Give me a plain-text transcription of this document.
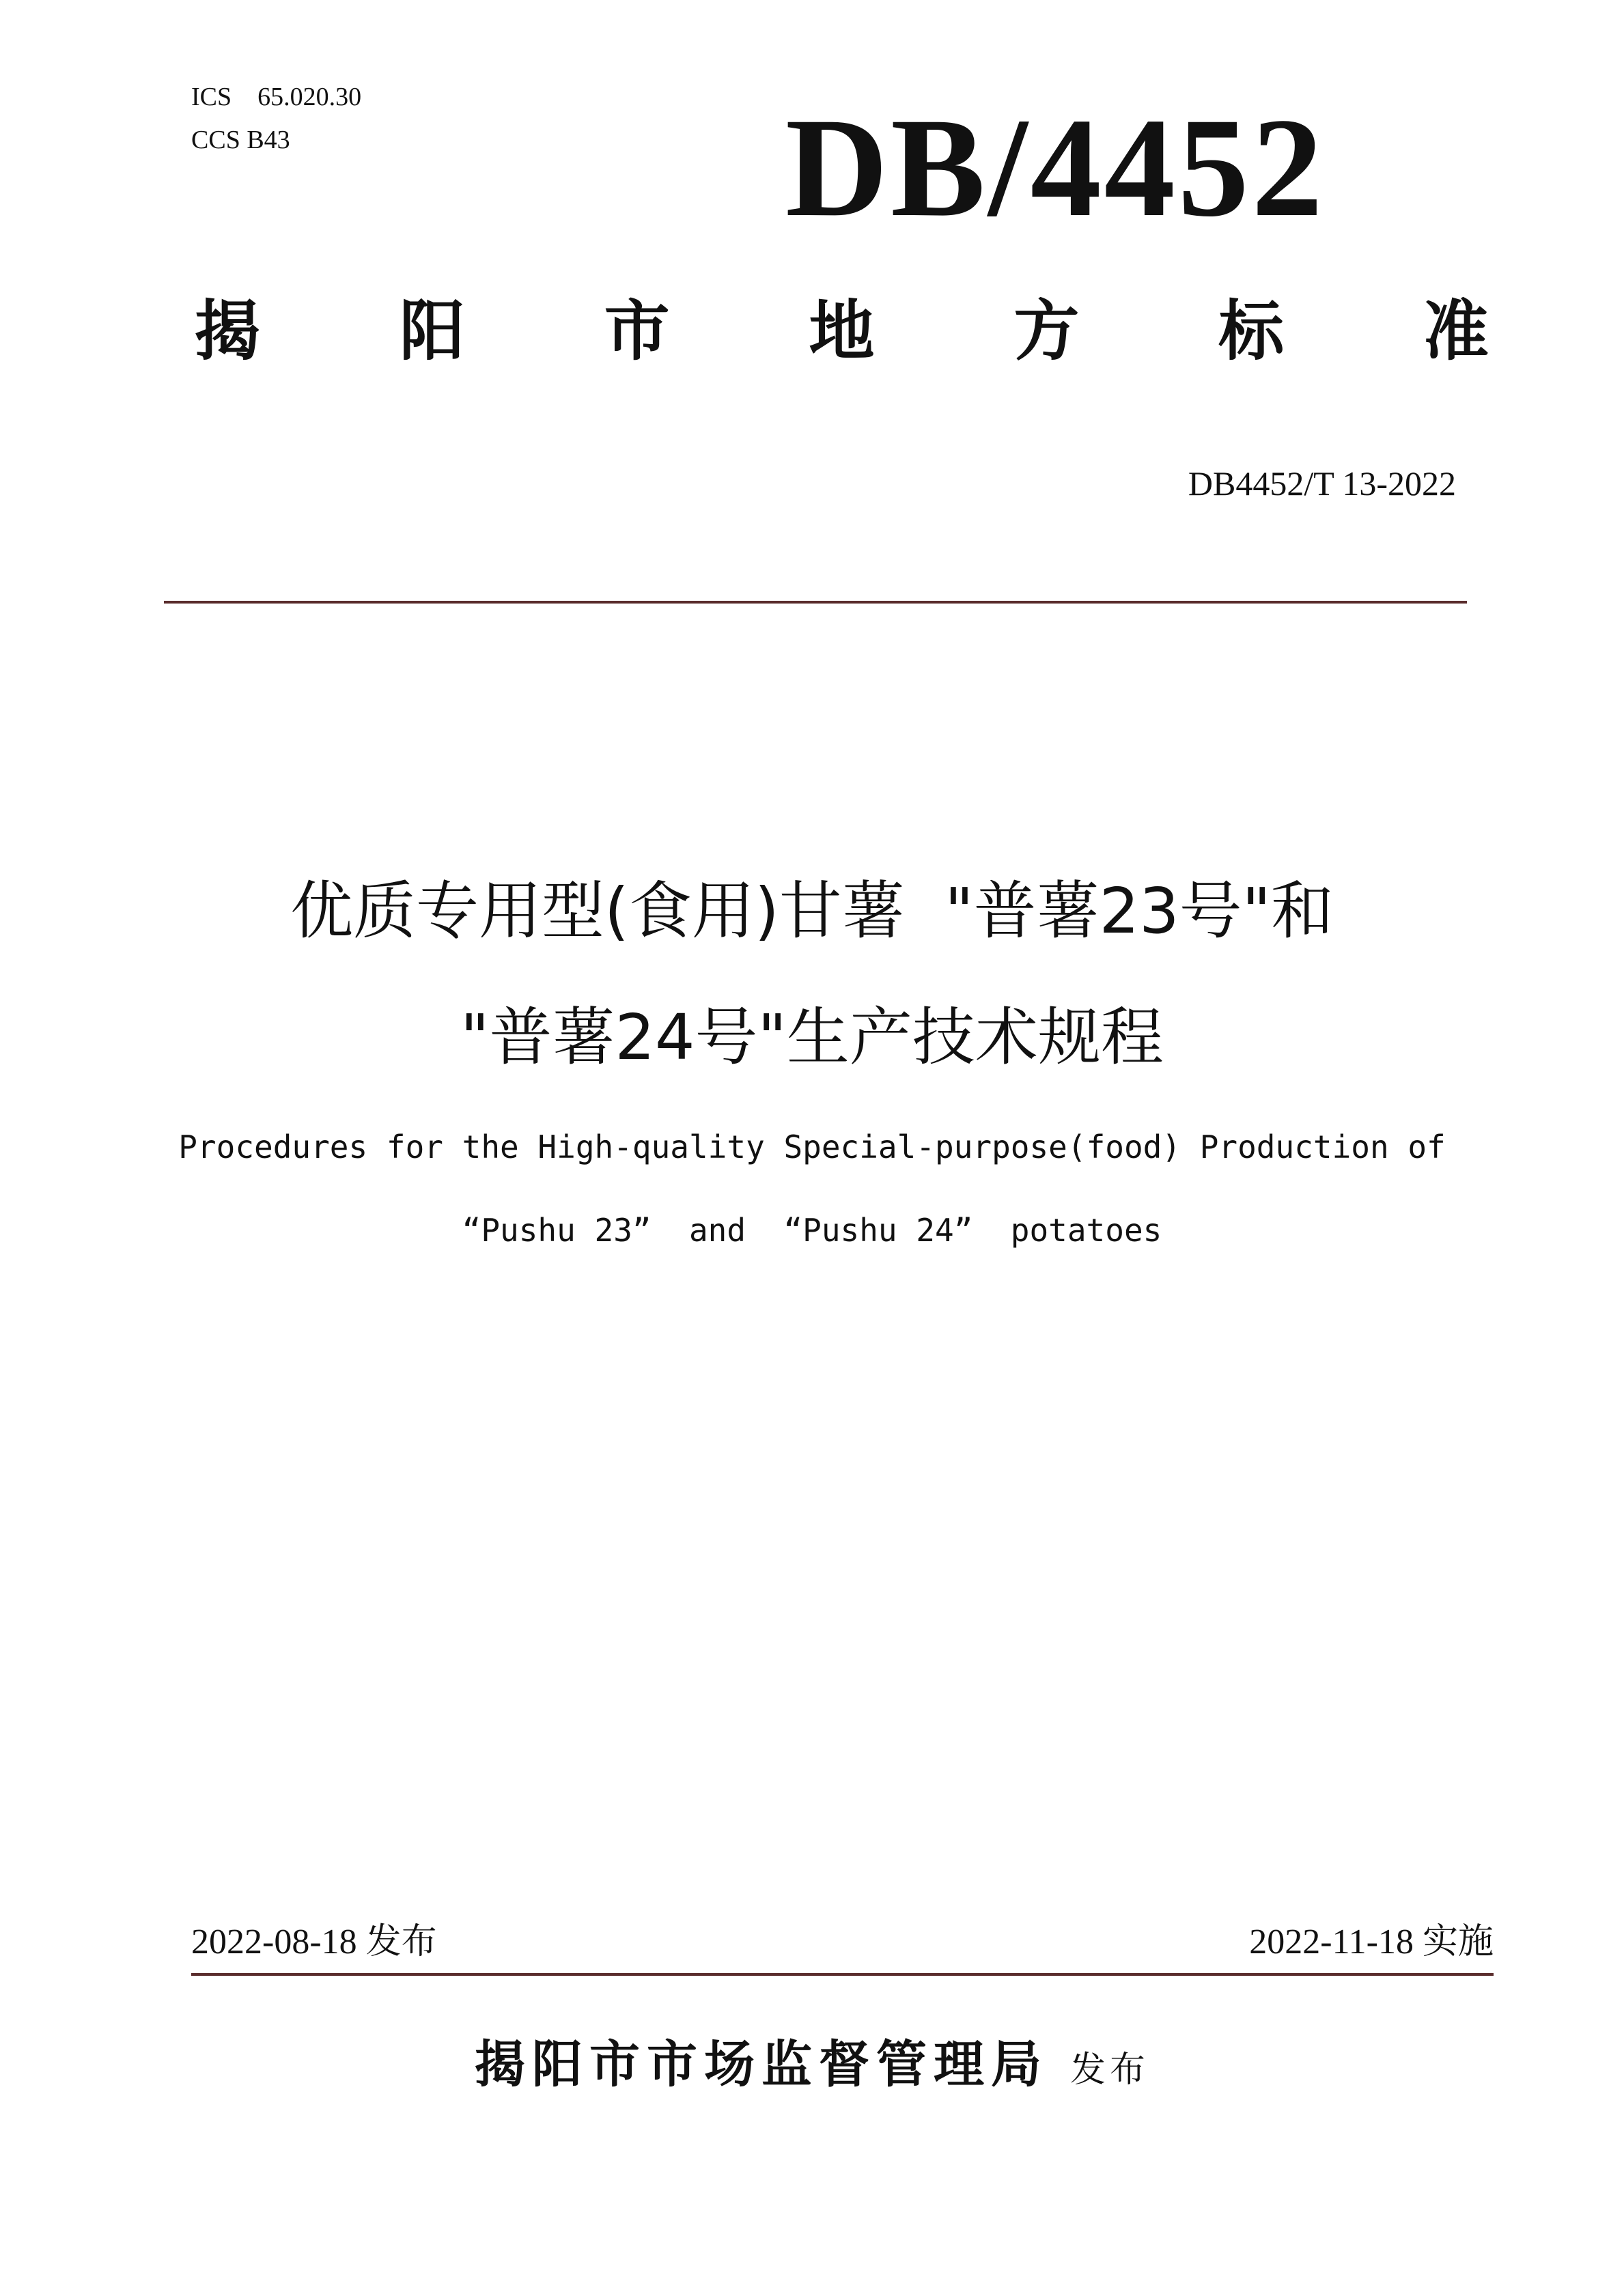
ICS    65.020.30
CCS B43	DB/4452
揭 阳 市 地 方 标 准
DB4452/T 13-2022
优质专用型(食用)甘薯  "普薯23号"和
"普薯24号"生产技术规程
Procedures for the High-quality Special-purpose(food) Production of
“Pushu 23”  and  “Pushu 24”  potatoes
2022-08-18 发布	2022-11-18 实施
揭阳市市场监督管理局 发布
